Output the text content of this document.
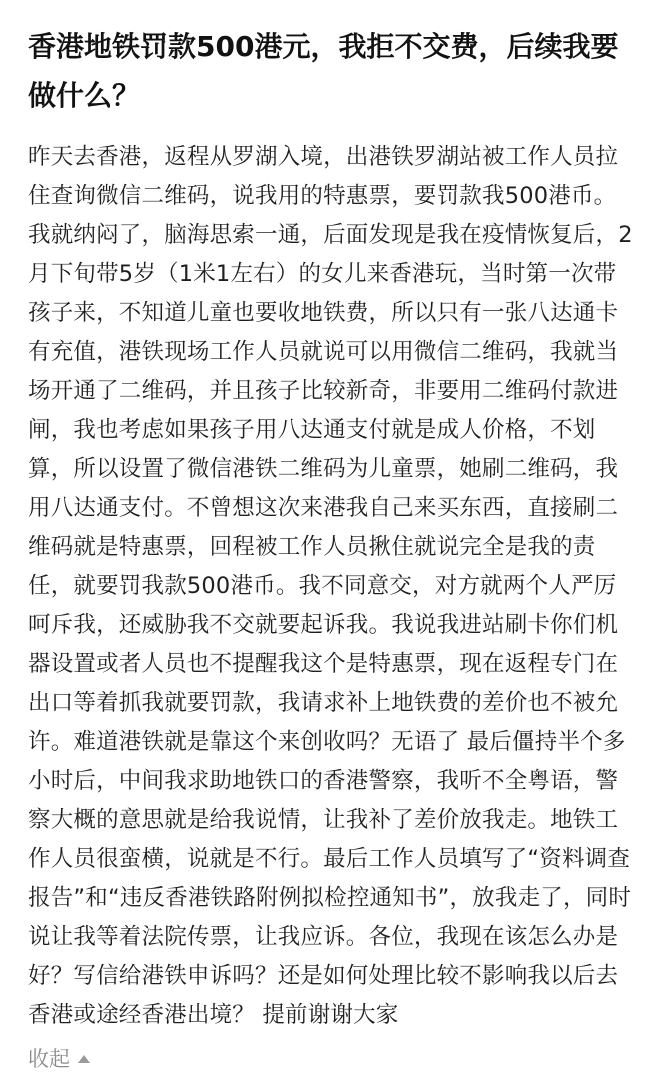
香港地铁罚款500港元，我拒不交费，后续我要做什么？

昨天去香港，返程从罗湖入境，出港铁罗湖站被工作人员拉住查询微信二维码，说我用的特惠票，要罚款我500港币。我就纳闷了，脑海思索一通，后面发现是我在疫情恢复后，2月下旬带5岁（1米1左右）的女儿来香港玩，当时第一次带孩子来，不知道儿童也要收地铁费，所以只有一张八达通卡有充值，港铁现场工作人员就说可以用微信二维码，我就当场开通了二维码，并且孩子比较新奇，非要用二维码付款进闸，我也考虑如果孩子用八达通支付就是成人价格，不划算，所以设置了微信港铁二维码为儿童票，她刷二维码，我用八达通支付。不曾想这次来港我自己来买东西，直接刷二维码就是特惠票，回程被工作人员揪住就说完全是我的责任，就要罚我款500港币。我不同意交，对方就两个人严厉呵斥我，还威胁我不交就要起诉我。我说我进站刷卡你们机器设置或者人员也不提醒我这个是特惠票，现在返程专门在出口等着抓我就要罚款，我请求补上地铁费的差价也不被允许。难道港铁就是靠这个来创收吗？无语了 最后僵持半个多小时后，中间我求助地铁口的香港警察，我听不全粤语，警察大概的意思就是给我说情，让我补了差价放我走。地铁工作人员很蛮横，说就是不行。最后工作人员填写了“资料调查报告”和“违反香港铁路附例拟检控通知书”，放我走了，同时说让我等着法院传票，让我应诉。各位，我现在该怎么办是好？写信给港铁申诉吗？还是如何处理比较不影响我以后去香港或途经香港出境？ 提前谢谢大家

收起
